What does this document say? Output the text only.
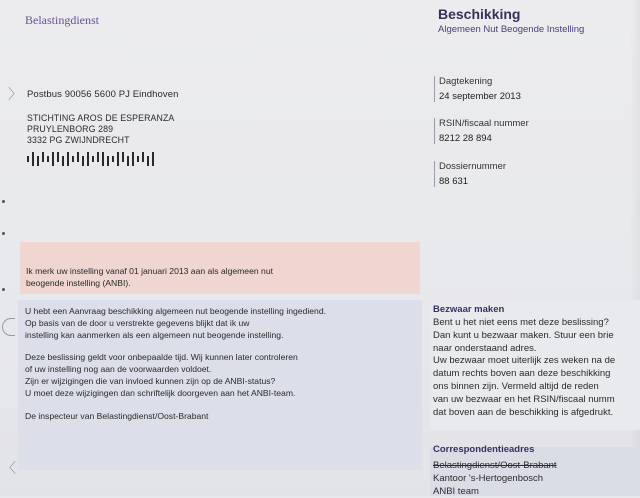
Belastingdienst	Beschikking
Algemeen Nut Beogende Instelling
〉 Postbus 90056 5600 PJ Eindhoven
STICHTING AROS DE ESPERANZA
PRUYLENBORG 289
3332 PG ZWIJNDRECHT
Dagtekening
24 september 2013
RSIN/fiscaal nummer
8212 28 894
Dossiernummer
88 631
Ik merk uw instelling vanaf 01 januari 2013 aan als algemeen nut
beogende instelling (ANBI).

U hebt een Aanvraag beschikking algemeen nut beogende instelling ingediend.
Op basis van de door u verstrekte gegevens blijkt dat ik uw
instelling kan aanmerken als een algemeen nut beogende instelling.

Deze beslissing geldt voor onbepaalde tijd. Wij kunnen later controleren
of uw instelling nog aan de voorwaarden voldoet.
Zijn er wijzigingen die van invloed kunnen zijn op de ANBI-status?
U moet deze wijzigingen dan schriftelijk doorgeven aan het ANBI-team.

De inspecteur van Belastingdienst/Oost-Brabant

〈
Bezwaar maken
Bent u het niet eens met deze beslissing?
Dan kunt u bezwaar maken. Stuur een brie
naar onderstaand adres.
Uw bezwaar moet uiterlijk zes weken na de
datum rechts boven aan deze beschikking
ons binnen zijn. Vermeld altijd de reden
van uw bezwaar en het RSIN/fiscaal numm
dat boven aan de beschikking is afgedrukt.
Correspondentieadres
Belastingdienst/Oost-Brabant
Kantoor 's-Hertogenbosch
ANBI team
